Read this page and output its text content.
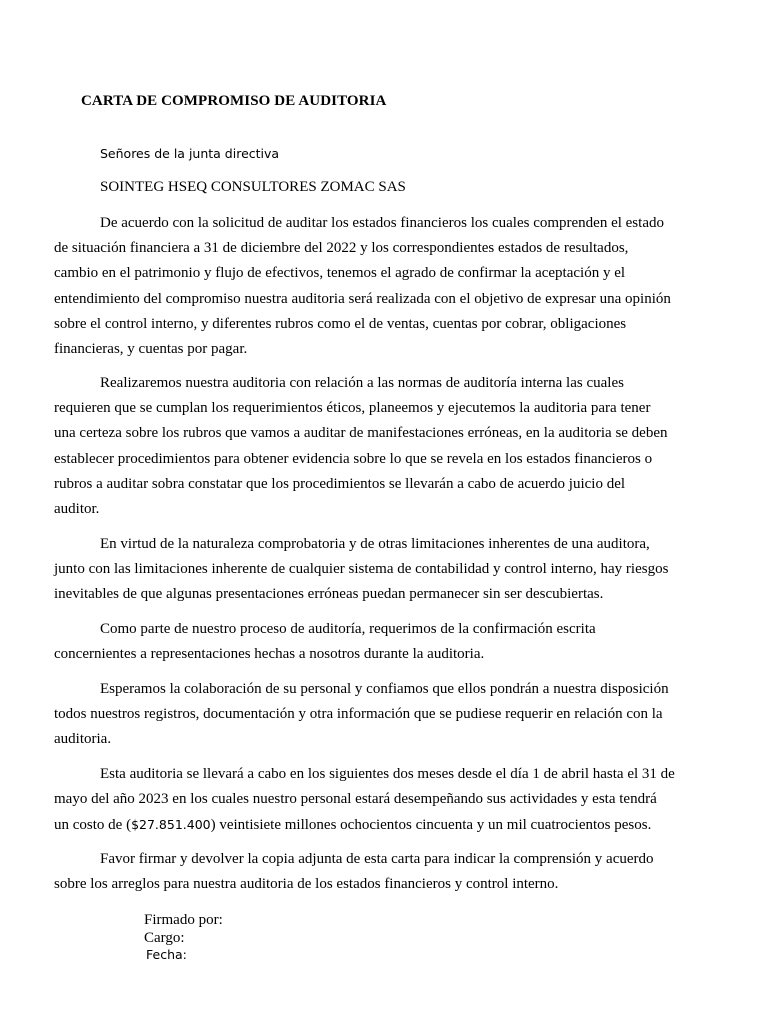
CARTA DE COMPROMISO DE AUDITORIA
Señores de la junta directiva
SOINTEG HSEQ CONSULTORES ZOMAC SAS

De acuerdo con la solicitud de auditar los estados financieros los cuales comprenden el estado
de situación financiera a 31 de diciembre del 2022 y los correspondientes estados de resultados,
cambio en el patrimonio y flujo de efectivos, tenemos el agrado de confirmar la aceptación y el
entendimiento del compromiso nuestra auditoria será realizada con el objetivo de expresar una opinión
sobre el control interno, y diferentes rubros como el de ventas, cuentas por cobrar, obligaciones
financieras, y cuentas por pagar.

Realizaremos nuestra auditoria con relación a las normas de auditoría interna las cuales
requieren que se cumplan los requerimientos éticos, planeemos y ejecutemos la auditoria para tener
una certeza sobre los rubros que vamos a auditar de manifestaciones erróneas, en la auditoria se deben
establecer procedimientos para obtener evidencia sobre lo que se revela en los estados financieros o
rubros a auditar sobra constatar que los procedimientos se llevarán a cabo de acuerdo juicio del
auditor.

En virtud de la naturaleza comprobatoria y de otras limitaciones inherentes de una auditora,
junto con las limitaciones inherente de cualquier sistema de contabilidad y control interno, hay riesgos
inevitables de que algunas presentaciones erróneas puedan permanecer sin ser descubiertas.

Como parte de nuestro proceso de auditoría, requerimos de la confirmación escrita
concernientes a representaciones hechas a nosotros durante la auditoria.

Esperamos la colaboración de su personal y confiamos que ellos pondrán a nuestra disposición
todos nuestros registros, documentación y otra información que se pudiese requerir en relación con la
auditoria.

Esta auditoria se llevará a cabo en los siguientes dos meses desde el día 1 de abril hasta el 31 de
mayo del año 2023 en los cuales nuestro personal estará desempeñando sus actividades y esta tendrá
un costo de ($27.851.400) veintisiete millones ochocientos cincuenta y un mil cuatrocientos pesos.

Favor firmar y devolver la copia adjunta de esta carta para indicar la comprensión y acuerdo
sobre los arreglos para nuestra auditoria de los estados financieros y control interno.

Firmado por:
Cargo:
Fecha:
